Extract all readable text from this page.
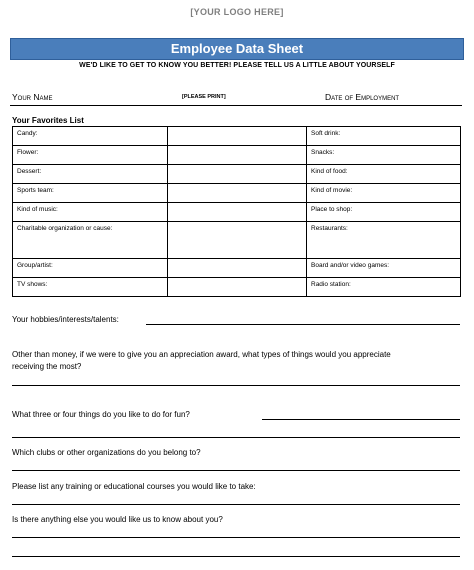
[YOUR LOGO HERE]
Employee Data Sheet
WE'D LIKE TO GET TO KNOW YOU BETTER! PLEASE TELL US A LITTLE ABOUT YOURSELF
Your Name	[PLEASE PRINT]	Date of Employment
Your Favorites List
Candy:		Soft drink:
Flower:		Snacks:
Dessert:		Kind of food:
Sports team:		Kind of movie:
Kind of music:		Place to shop:
Charitable organization or cause:		Restaurants:
Group/artist:		Board and/or video games:
TV shows:		Radio station:
Your hobbies/interests/talents:
Other than money, if we were to give you an appreciation award, what types of things would you appreciate
receiving the most?
What three or four things do you like to do for fun?
Which clubs or other organizations do you belong to?
Please list any training or educational courses you would like to take:
Is there anything else you would like us to know about you?
